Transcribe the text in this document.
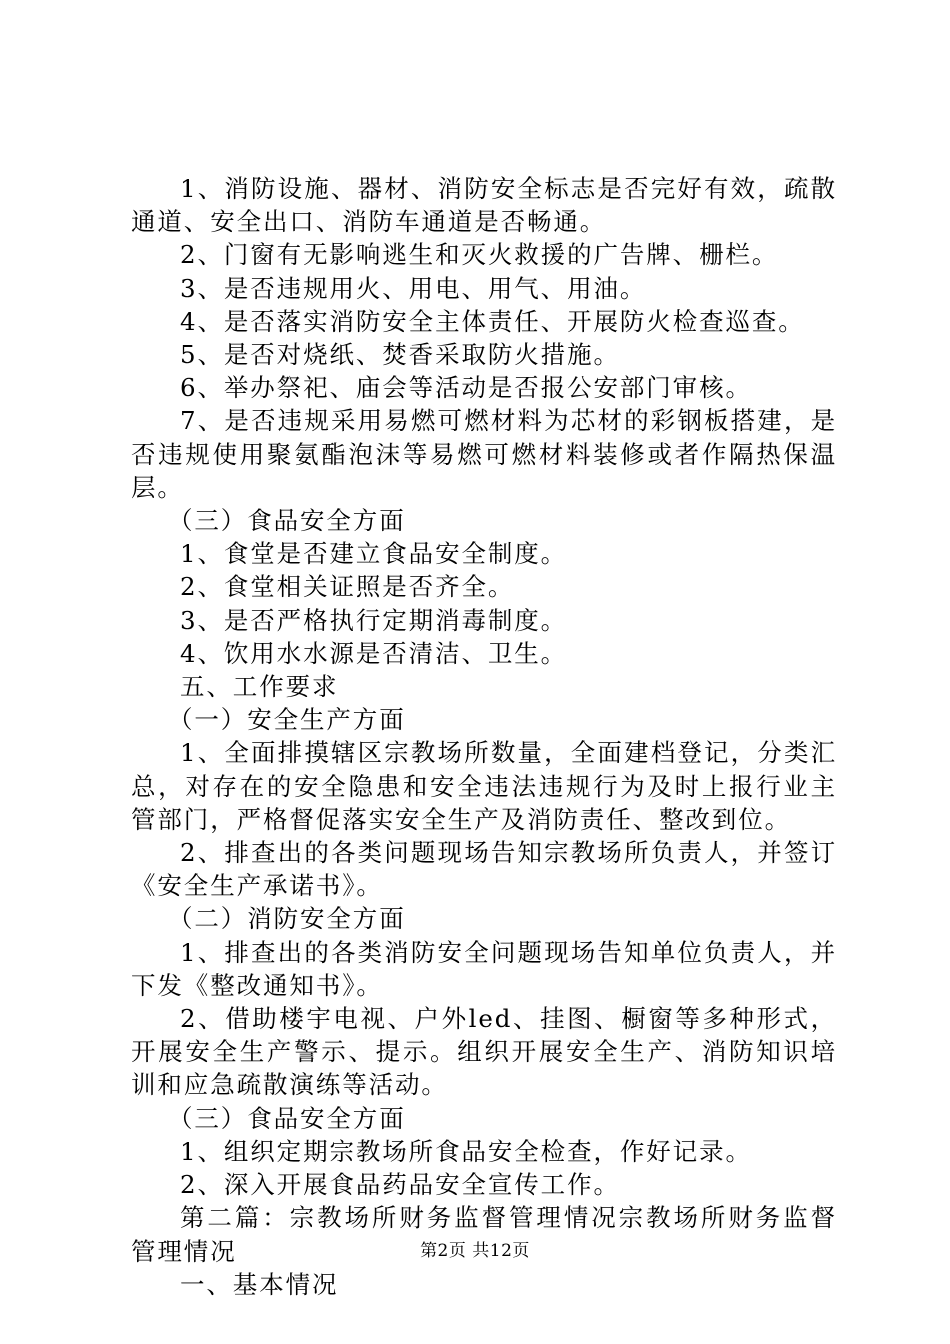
1、消防设施、器材、消防安全标志是否完好有效，疏散通道、安全出口、消防车通道是否畅通。

2、门窗有无影响逃生和灭火救援的广告牌、栅栏。

3、是否违规用火、用电、用气、用油。

4、是否落实消防安全主体责任、开展防火检查巡查。

5、是否对烧纸、焚香采取防火措施。

6、举办祭祀、庙会等活动是否报公安部门审核。

7、是否违规采用易燃可燃材料为芯材的彩钢板搭建，是否违规使用聚氨酯泡沫等易燃可燃材料装修或者作隔热保温层。

（三）食品安全方面

1、食堂是否建立食品安全制度。

2、食堂相关证照是否齐全。

3、是否严格执行定期消毒制度。

4、饮用水水源是否清洁、卫生。

五、工作要求

（一）安全生产方面

1、全面排摸辖区宗教场所数量，全面建档登记，分类汇总，对存在的安全隐患和安全违法违规行为及时上报行业主管部门，严格督促落实安全生产及消防责任、整改到位。

2、排查出的各类问题现场告知宗教场所负责人，并签订《安全生产承诺书》。

（二）消防安全方面

1、排查出的各类消防安全问题现场告知单位负责人，并下发《整改通知书》。

2、借助楼宇电视、户外led、挂图、橱窗等多种形式，开展安全生产警示、提示。组织开展安全生产、消防知识培训和应急疏散演练等活动。

（三）食品安全方面

1、组织定期宗教场所食品安全检查，作好记录。

2、深入开展食品药品安全宣传工作。

第二篇：宗教场所财务监督管理情况宗教场所财务监督管理情况

一、基本情况

第2页 共12页
